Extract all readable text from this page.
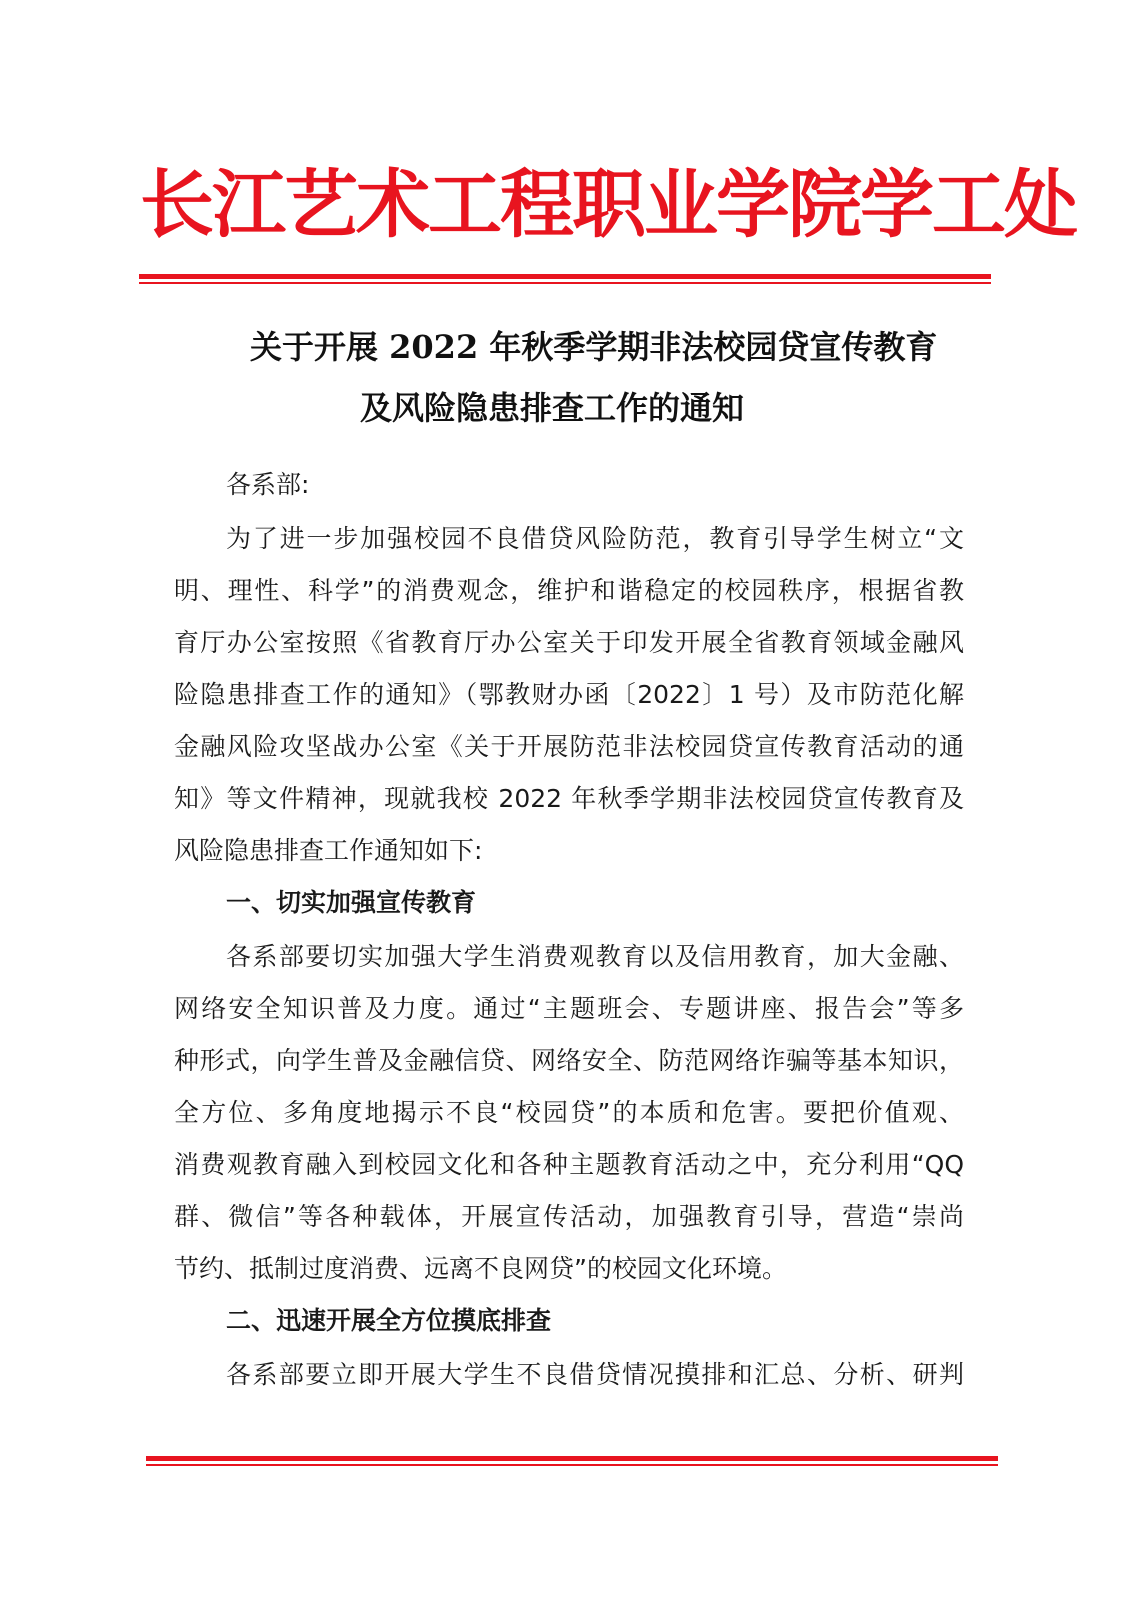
长江艺术工程职业学院学工处
关于开展 2022 年秋季学期非法校园贷宣传教育
及风险隐患排查工作的通知
各系部:
为了进一步加强校园不良借贷风险防范，教育引导学生树立“文
明、理性、科学”的消费观念，维护和谐稳定的校园秩序，根据省教
育厅办公室按照《省教育厅办公室关于印发开展全省教育领域金融风
险隐患排查工作的通知》（鄂教财办函〔2022〕1 号）及市防范化解
金融风险攻坚战办公室《关于开展防范非法校园贷宣传教育活动的通
知》等文件精神，现就我校 2022 年秋季学期非法校园贷宣传教育及
风险隐患排查工作通知如下:
一、切实加强宣传教育
各系部要切实加强大学生消费观教育以及信用教育，加大金融、
网络安全知识普及力度。通过“主题班会、专题讲座、报告会”等多
种形式，向学生普及金融信贷、网络安全、防范网络诈骗等基本知识，
全方位、多角度地揭示不良“校园贷”的本质和危害。要把价值观、
消费观教育融入到校园文化和各种主题教育活动之中，充分利用“QQ
群、微信”等各种载体，开展宣传活动，加强教育引导，营造“崇尚
节约、抵制过度消费、远离不良网贷”的校园文化环境。
二、迅速开展全方位摸底排查
各系部要立即开展大学生不良借贷情况摸排和汇总、分析、研判
